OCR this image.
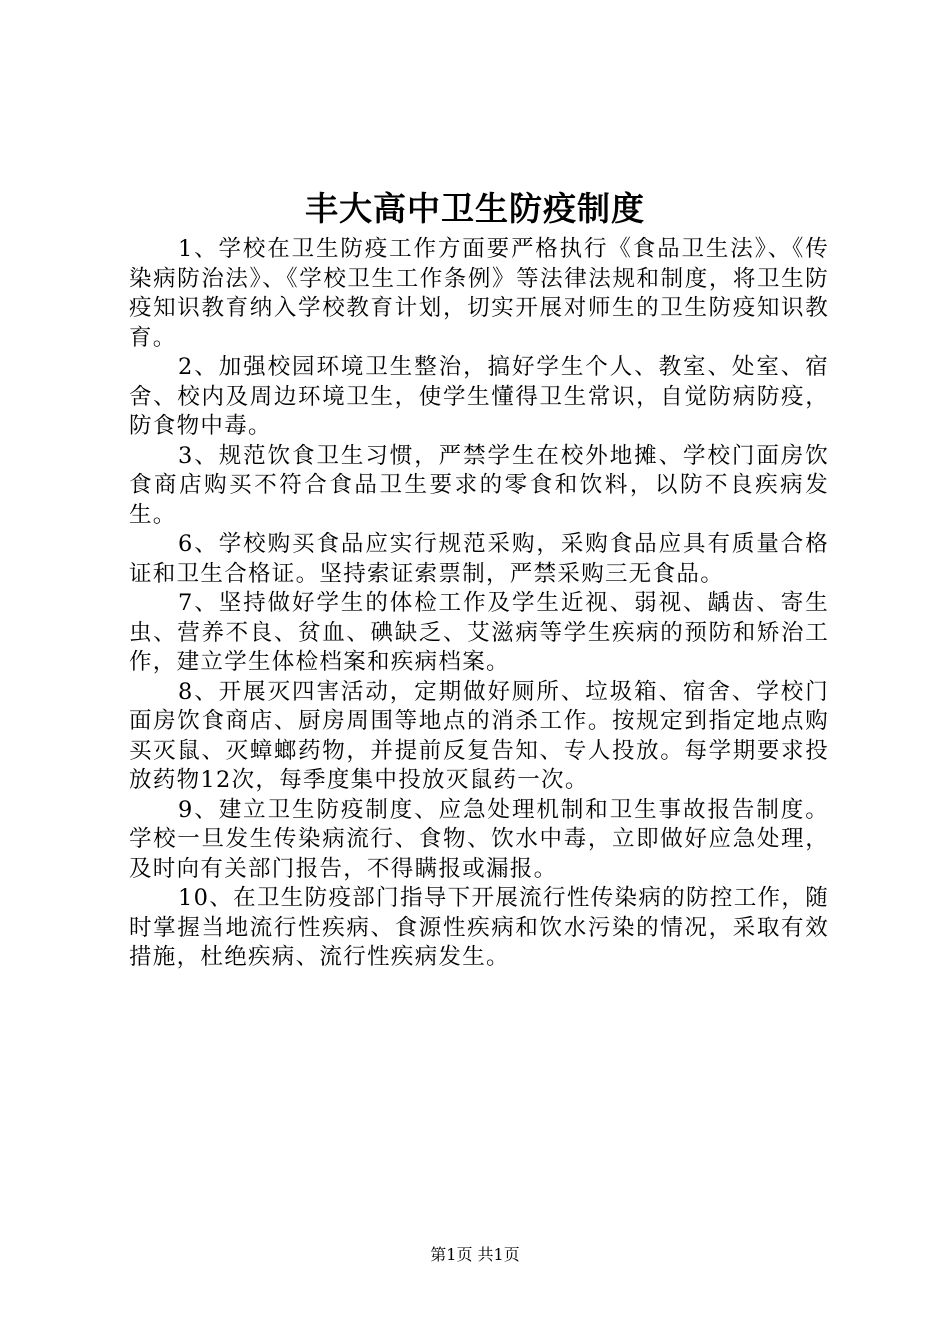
丰大高中卫生防疫制度

1、学校在卫生防疫工作方面要严格执行《食品卫生法》、《传染病防治法》、《学校卫生工作条例》等法律法规和制度，将卫生防疫知识教育纳入学校教育计划，切实开展对师生的卫生防疫知识教育。

2、加强校园环境卫生整治，搞好学生个人、教室、处室、宿舍、校内及周边环境卫生，使学生懂得卫生常识，自觉防病防疫，防食物中毒。

3、规范饮食卫生习惯，严禁学生在校外地摊、学校门面房饮食商店购买不符合食品卫生要求的零食和饮料，以防不良疾病发生。

6、学校购买食品应实行规范采购，采购食品应具有质量合格证和卫生合格证。坚持索证索票制，严禁采购三无食品。

7、坚持做好学生的体检工作及学生近视、弱视、龋齿、寄生虫、营养不良、贫血、碘缺乏、艾滋病等学生疾病的预防和矫治工作，建立学生体检档案和疾病档案。

8、开展灭四害活动，定期做好厕所、垃圾箱、宿舍、学校门面房饮食商店、厨房周围等地点的消杀工作。按规定到指定地点购买灭鼠、灭蟑螂药物，并提前反复告知、专人投放。每学期要求投放药物12次，每季度集中投放灭鼠药一次。

9、建立卫生防疫制度、应急处理机制和卫生事故报告制度。学校一旦发生传染病流行、食物、饮水中毒，立即做好应急处理，及时向有关部门报告，不得瞒报或漏报。

10、在卫生防疫部门指导下开展流行性传染病的防控工作，随时掌握当地流行性疾病、食源性疾病和饮水污染的情况，采取有效措施，杜绝疾病、流行性疾病发生。

第1页 共1页
